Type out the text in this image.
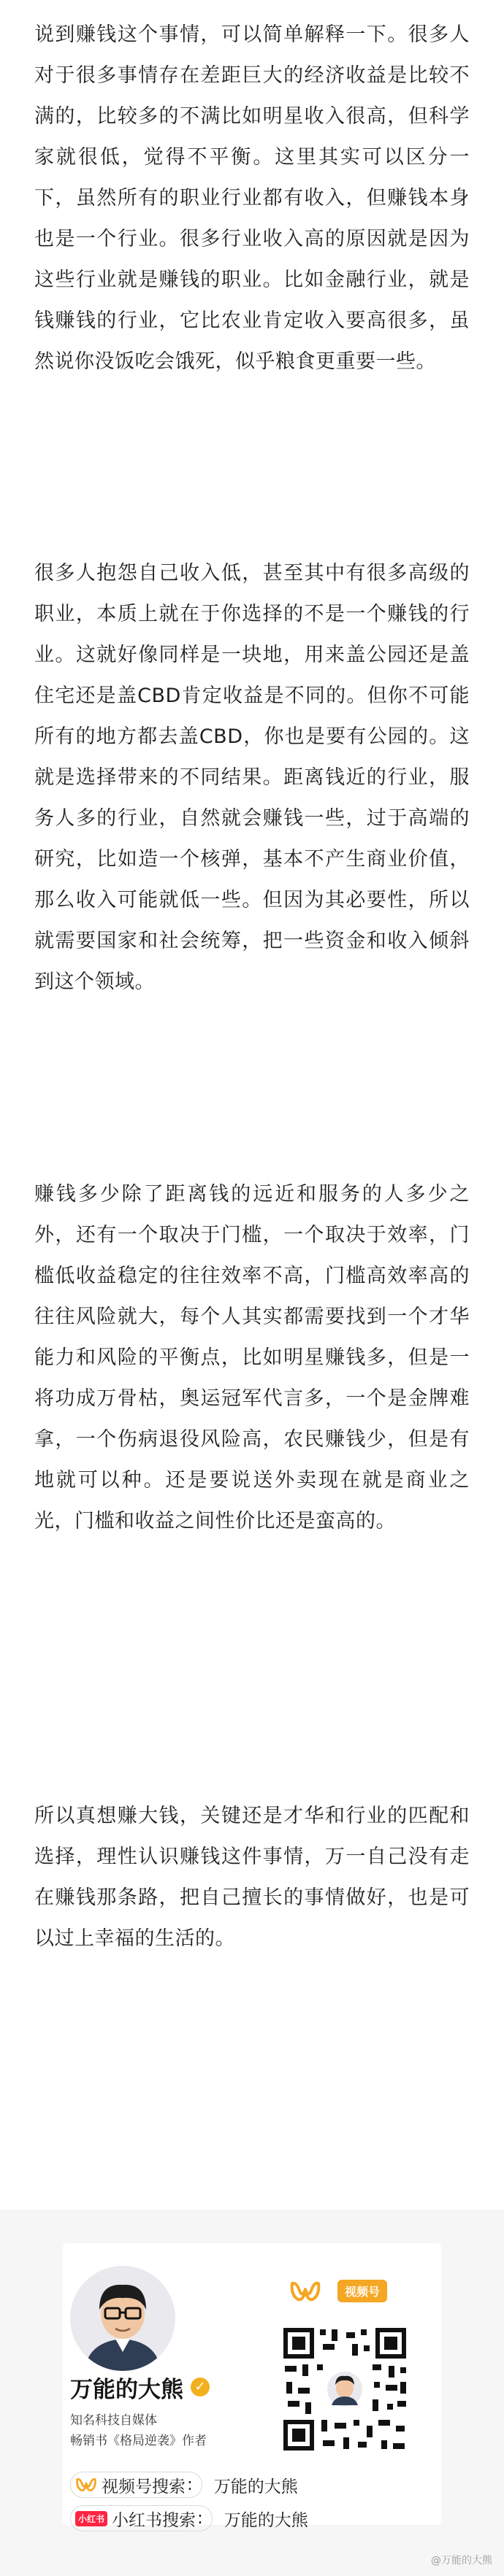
说到赚钱这个事情，可以简单解释一下。很多人对于很多事情存在差距巨大的经济收益是比较不满的，比较多的不满比如明星收入很高，但科学家就很低，觉得不平衡。这里其实可以区分一下，虽然所有的职业行业都有收入，但赚钱本身也是一个行业。很多行业收入高的原因就是因为这些行业就是赚钱的职业。比如金融行业，就是钱赚钱的行业，它比农业肯定收入要高很多，虽然说你没饭吃会饿死，似乎粮食更重要一些。

很多人抱怨自己收入低，甚至其中有很多高级的职业，本质上就在于你选择的不是一个赚钱的行业。这就好像同样是一块地，用来盖公园还是盖住宅还是盖CBD肯定收益是不同的。但你不可能所有的地方都去盖CBD，你也是要有公园的。这就是选择带来的不同结果。距离钱近的行业，服务人多的行业，自然就会赚钱一些，过于高端的研究，比如造一个核弹，基本不产生商业价值，那么收入可能就低一些。但因为其必要性，所以就需要国家和社会统筹，把一些资金和收入倾斜到这个领域。

赚钱多少除了距离钱的远近和服务的人多少之外，还有一个取决于门槛，一个取决于效率，门槛低收益稳定的往往效率不高，门槛高效率高的往往风险就大，每个人其实都需要找到一个才华能力和风险的平衡点，比如明星赚钱多，但是一将功成万骨枯，奥运冠军代言多，一个是金牌难拿，一个伤病退役风险高，农民赚钱少，但是有地就可以种。还是要说送外卖现在就是商业之光，门槛和收益之间性价比还是蛮高的。

所以真想赚大钱，关键还是才华和行业的匹配和选择，理性认识赚钱这件事情，万一自己没有走在赚钱那条路，把自己擅长的事情做好，也是可以过上幸福的生活的。

万能的大熊 ✓
知名科技自媒体
畅销书《格局逆袭》作者
视频号
视频号搜索 : 万能的大熊
小红书 小红书搜索 : 万能的大熊
@万能的大熊
